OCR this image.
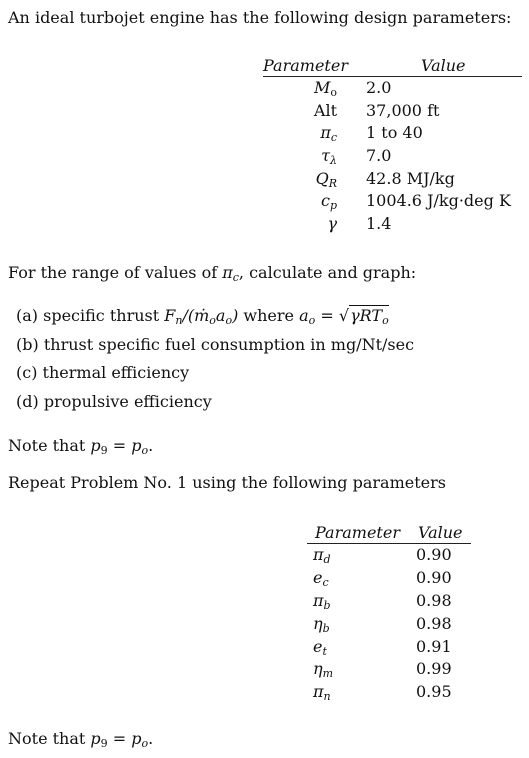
An ideal turbojet engine has the following design parameters:
Parameter	Value
$M_o$ 2.0
Alt 37,000 ft
$\pi_c$ 1 to 40
$\tau_\lambda$ 7.0
$Q_R$ 42.8 MJ/kg
$c_p$ 1004.6 J/kg·deg K
γ 1.4
For the range of values of $\pi_c$, calculate and graph:
(a) specific thrust $F_n/(ṁ_oa_o)$ where $a_o = √\gamma RT_o$
(b) thrust specific fuel consumption in mg/Nt/sec
(c) thermal efficiency
(d) propulsive efficiency
Note that $p_9 = p_o$.
Repeat Problem No. 1 using the following parameters
Parameter Value
$\pi_d$	0.90
$e_c$	0.90
$\pi_b$	0.98
$\eta_b$	0.98
$e_t$	0.91
$\eta_m$	0.99
$\pi_n$	0.95
Note that $p_9 = p_o$.
